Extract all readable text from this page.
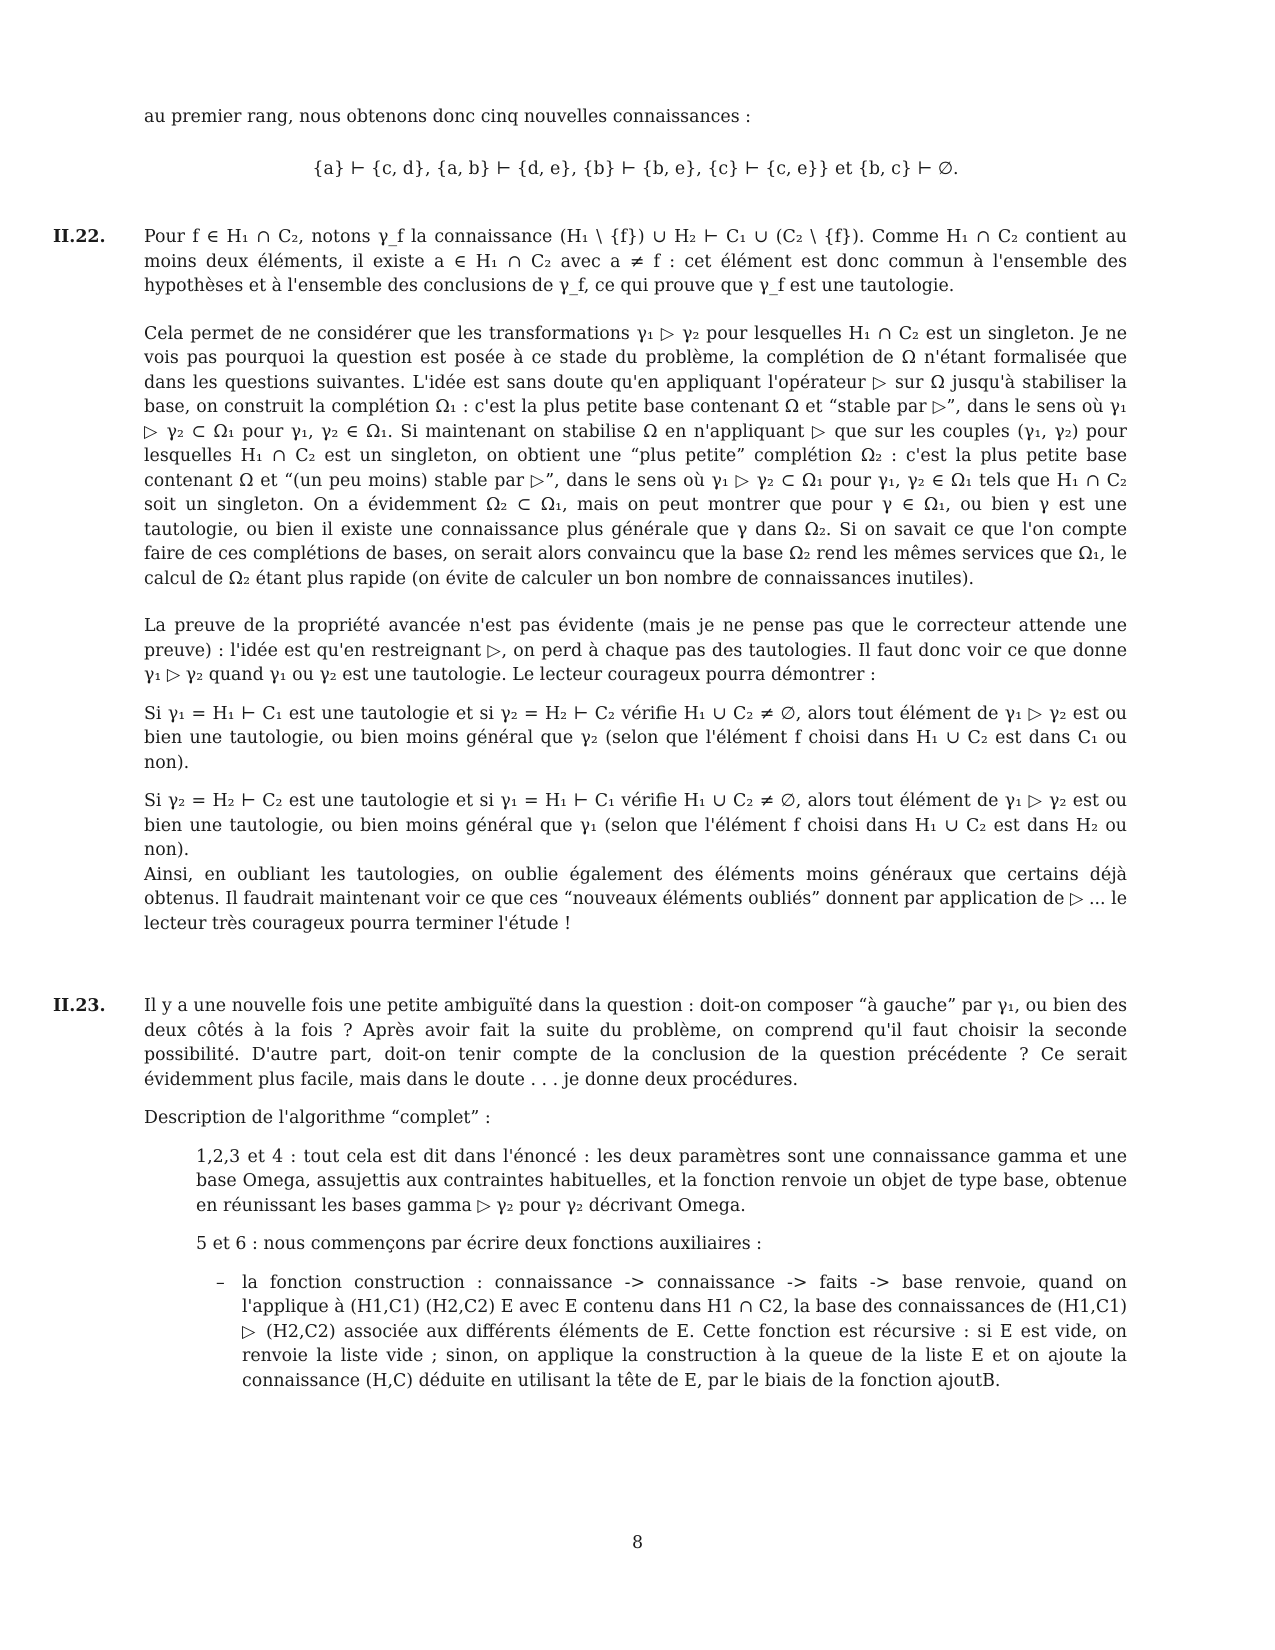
au premier rang, nous obtenons donc cinq nouvelles connaissances :

{a} ⊢ {c, d}, {a, b} ⊢ {d, e}, {b} ⊢ {b, e}, {c} ⊢ {c, e}} et {b, c} ⊢ ∅.
II.22. Pour f ∈ H₁ ∩ C₂, notons γ_f la connaissance (H₁ \ {f}) ∪ H₂ ⊢ C₁ ∪ (C₂ \ {f}). Comme H₁ ∩ C₂ contient au moins deux éléments, il existe a ∈ H₁ ∩ C₂ avec a ≠ f : cet élément est donc commun à l'ensemble des hypothèses et à l'ensemble des conclusions de γ_f, ce qui prouve que γ_f est une tautologie.

Cela permet de ne considérer que les transformations γ₁ ▷ γ₂ pour lesquelles H₁ ∩ C₂ est un singleton. Je ne vois pas pourquoi la question est posée à ce stade du problème, la complétion de Ω n'étant formalisée que dans les questions suivantes. L'idée est sans doute qu'en appliquant l'opérateur ▷ sur Ω jusqu'à stabiliser la base, on construit la complétion Ω₁ : c'est la plus petite base contenant Ω et “stable par ▷”, dans le sens où γ₁ ▷ γ₂ ⊂ Ω₁ pour γ₁, γ₂ ∈ Ω₁. Si maintenant on stabilise Ω en n'appliquant ▷ que sur les couples (γ₁, γ₂) pour lesquelles H₁ ∩ C₂ est un singleton, on obtient une “plus petite” complétion Ω₂ : c'est la plus petite base contenant Ω et “(un peu moins) stable par ▷”, dans le sens où γ₁ ▷ γ₂ ⊂ Ω₁ pour γ₁, γ₂ ∈ Ω₁ tels que H₁ ∩ C₂ soit un singleton. On a évidemment Ω₂ ⊂ Ω₁, mais on peut montrer que pour γ ∈ Ω₁, ou bien γ est une tautologie, ou bien il existe une connaissance plus générale que γ dans Ω₂. Si on savait ce que l'on compte faire de ces complétions de bases, on serait alors convaincu que la base Ω₂ rend les mêmes services que Ω₁, le calcul de Ω₂ étant plus rapide (on évite de calculer un bon nombre de connaissances inutiles).

La preuve de la propriété avancée n'est pas évidente (mais je ne pense pas que le correcteur attende une preuve) : l'idée est qu'en restreignant ▷, on perd à chaque pas des tautologies. Il faut donc voir ce que donne γ₁ ▷ γ₂ quand γ₁ ou γ₂ est une tautologie. Le lecteur courageux pourra démontrer :

Si γ₁ = H₁ ⊢ C₁ est une tautologie et si γ₂ = H₂ ⊢ C₂ vérifie H₁ ∪ C₂ ≠ ∅, alors tout élément de γ₁ ▷ γ₂ est ou bien une tautologie, ou bien moins général que γ₂ (selon que l'élément f choisi dans H₁ ∪ C₂ est dans C₁ ou non).

Si γ₂ = H₂ ⊢ C₂ est une tautologie et si γ₁ = H₁ ⊢ C₁ vérifie H₁ ∪ C₂ ≠ ∅, alors tout élément de γ₁ ▷ γ₂ est ou bien une tautologie, ou bien moins général que γ₁ (selon que l'élément f choisi dans H₁ ∪ C₂ est dans H₂ ou non).

Ainsi, en oubliant les tautologies, on oublie également des éléments moins généraux que certains déjà obtenus. Il faudrait maintenant voir ce que ces “nouveaux éléments oubliés” donnent par application de ▷ ... le lecteur très courageux pourra terminer l'étude !

II.23. Il y a une nouvelle fois une petite ambiguïté dans la question : doit-on composer “à gauche” par γ₁, ou bien des deux côtés à la fois ? Après avoir fait la suite du problème, on comprend qu'il faut choisir la seconde possibilité. D'autre part, doit-on tenir compte de la conclusion de la question précédente ? Ce serait évidemment plus facile, mais dans le doute . . . je donne deux procédures.

Description de l'algorithme “complet” :

1,2,3 et 4 : tout cela est dit dans l'énoncé : les deux paramètres sont une connaissance gamma et une base Omega, assujettis aux contraintes habituelles, et la fonction renvoie un objet de type base, obtenue en réunissant les bases gamma ▷ γ₂ pour γ₂ décrivant Omega.

5 et 6 : nous commençons par écrire deux fonctions auxiliaires :

– la fonction construction : connaissance -> connaissance -> faits -> base renvoie, quand on l'applique à (H1,C1) (H2,C2) E avec E contenu dans H1 ∩ C2, la base des connaissances de (H1,C1) ▷ (H2,C2) associée aux différents éléments de E. Cette fonction est récursive : si E est vide, on renvoie la liste vide ; sinon, on applique la construction à la queue de la liste E et on ajoute la connaissance (H,C) déduite en utilisant la tête de E, par le biais de la fonction ajoutB.

8
